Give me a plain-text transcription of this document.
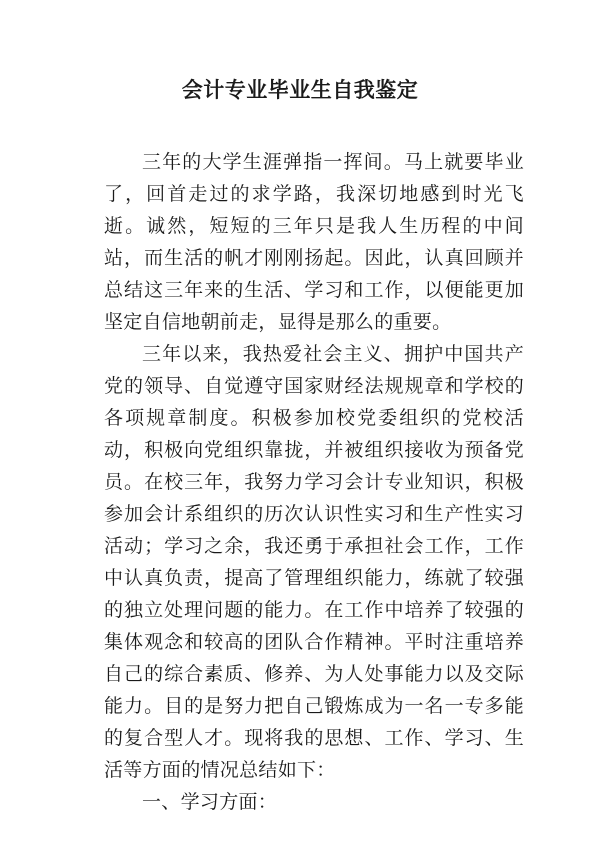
会计专业毕业生自我鉴定

三年的大学生涯弹指一挥间。马上就要毕业了，回首走过的求学路，我深切地感到时光飞逝。诚然，短短的三年只是我人生历程的中间站，而生活的帆才刚刚扬起。因此，认真回顾并总结这三年来的生活、学习和工作，以便能更加坚定自信地朝前走，显得是那么的重要。

三年以来，我热爱社会主义、拥护中国共产党的领导、自觉遵守国家财经法规规章和学校的各项规章制度。积极参加校党委组织的党校活动，积极向党组织靠拢，并被组织接收为预备党员。在校三年，我努力学习会计专业知识，积极参加会计系组织的历次认识性实习和生产性实习活动；学习之余，我还勇于承担社会工作，工作中认真负责，提高了管理组织能力，练就了较强的独立处理问题的能力。在工作中培养了较强的集体观念和较高的团队合作精神。平时注重培养自己的综合素质、修养、为人处事能力以及交际能力。目的是努力把自己锻炼成为一名一专多能的复合型人才。现将我的思想、工作、学习、生活等方面的情况总结如下：

一、学习方面：
